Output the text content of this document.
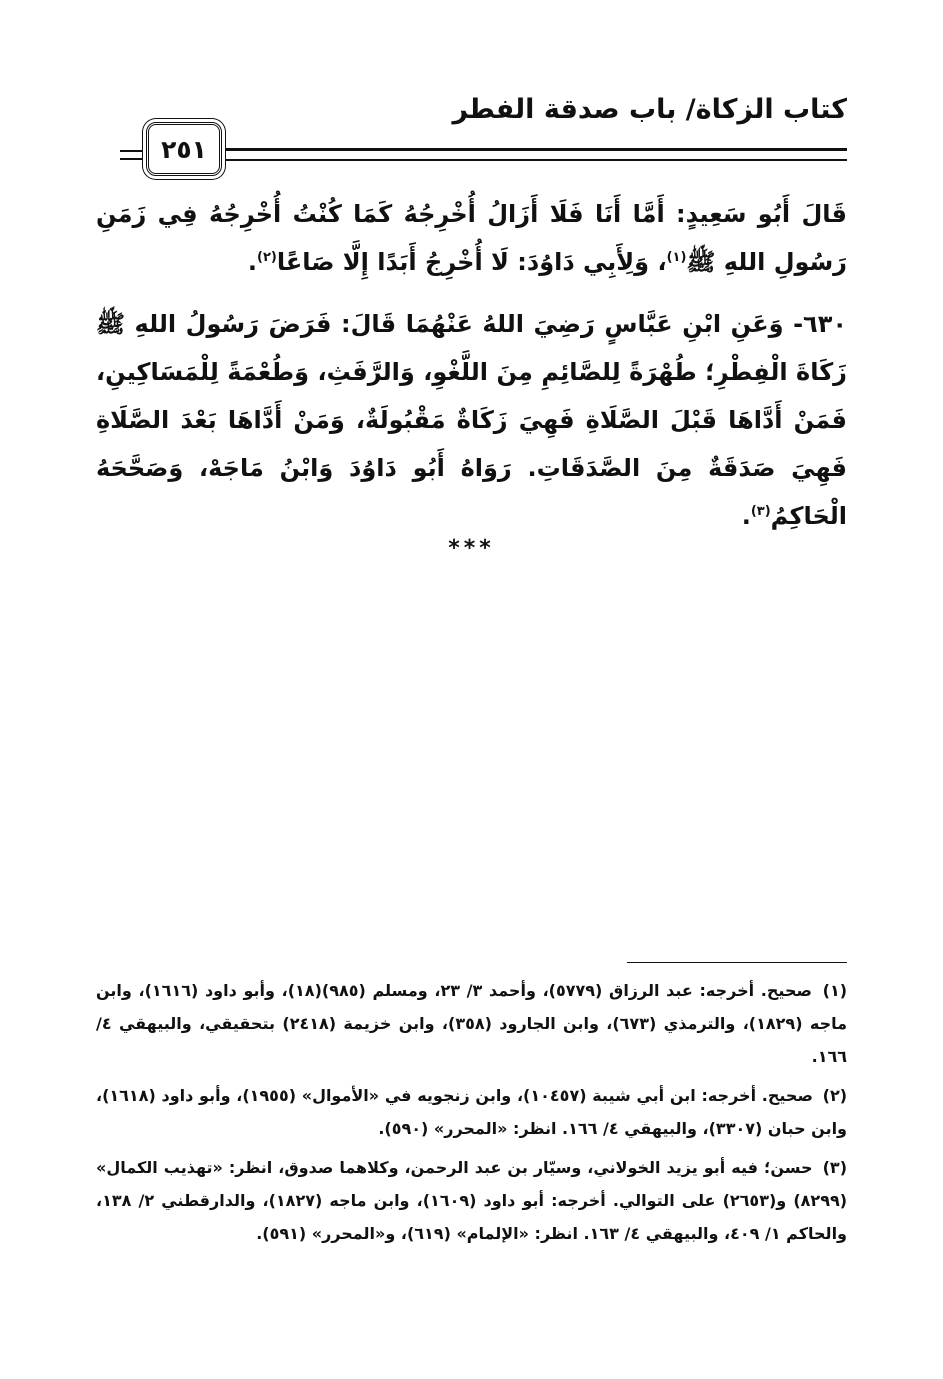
كتاب الزكاة/ باب صدقة الفطر
٢٥١

قَالَ أَبُو سَعِيدٍ: أَمَّا أَنَا فَلَا أَزَالُ أُخْرِجُهُ كَمَا كُنْتُ أُخْرِجُهُ فِي زَمَنِ رَسُولِ اللهِ ﷺ$^{(١)}$، وَلِأَبِي دَاوُدَ: لَا أُخْرِجُ أَبَدًا إِلَّا صَاعًا$^{(٢)}$.

٦٣٠- وَعَنِ ابْنِ عَبَّاسٍ رَضِيَ اللهُ عَنْهُمَا قَالَ: فَرَضَ رَسُولُ اللهِ ﷺ زَكَاةَ الْفِطْرِ؛ طُهْرَةً لِلصَّائِمِ مِنَ اللَّغْوِ، وَالرَّفَثِ، وَطُعْمَةً لِلْمَسَاكِينِ، فَمَنْ أَدَّاهَا قَبْلَ الصَّلَاةِ فَهِيَ زَكَاةٌ مَقْبُولَةٌ، وَمَنْ أَدَّاهَا بَعْدَ الصَّلَاةِ فَهِيَ صَدَقَةٌ مِنَ الصَّدَقَاتِ. رَوَاهُ أَبُو دَاوُدَ وَابْنُ مَاجَهْ، وَصَحَّحَهُ الْحَاكِمُ$^{(٣)}$.

***

(١) صحيح. أخرجه: عبد الرزاق (٥٧٧٩)، وأحمد ٣/ ٢٣، ومسلم (٩٨٥)(١٨)، وأبو داود (١٦١٦)، وابن ماجه (١٨٢٩)، والترمذي (٦٧٣)، وابن الجارود (٣٥٨)، وابن خزيمة (٢٤١٨) بتحقيقي، والبيهقي ٤/ ١٦٦.

(٢) صحيح. أخرجه: ابن أبي شيبة (١٠٤٥٧)، وابن زنجويه في «الأموال» (١٩٥٥)، وأبو داود (١٦١٨)، وابن حبان (٣٣٠٧)، والبيهقي ٤/ ١٦٦. انظر: «المحرر» (٥٩٠).

(٣) حسن؛ فيه أبو يزيد الخولاني، وسيّار بن عبد الرحمن، وكلاهما صدوق، انظر: «تهذيب الكمال» (٨٢٩٩) و(٢٦٥٣) على التوالي. أخرجه: أبو داود (١٦٠٩)، وابن ماجه (١٨٢٧)، والدارقطني ٢/ ١٣٨، والحاكم ١/ ٤٠٩، والبيهقي ٤/ ١٦٣. انظر: «الإلمام» (٦١٩)، و«المحرر» (٥٩١).
